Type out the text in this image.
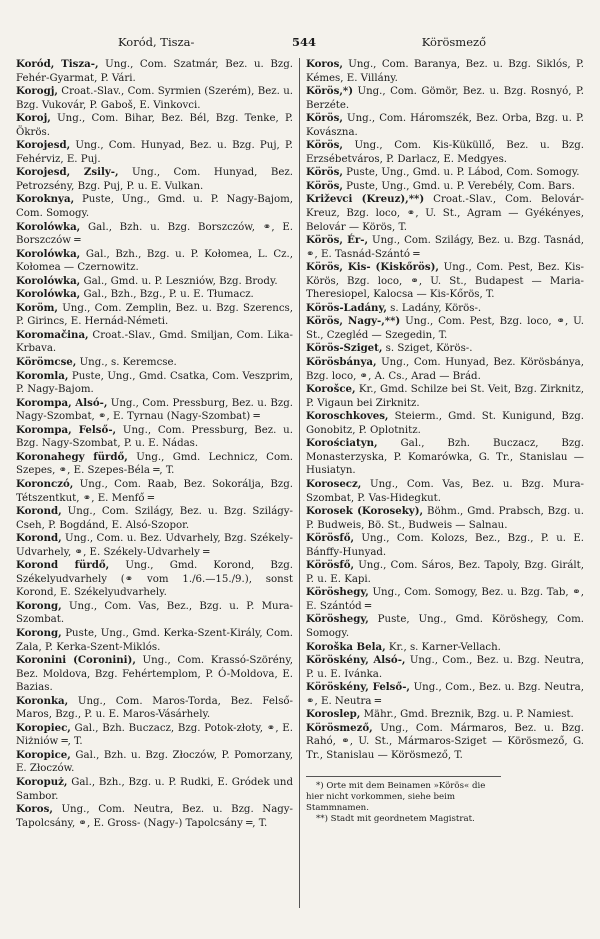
Koród, Tisza-	544	Körösmező
Koród, Tisza-, Ung., Com. Szatmár, Bez. u. Bzg. Fehér-Gyarmat, P. Vári.
Korogj, Croat.-Slav., Com. Syrmien (Szerém), Bez. u. Bzg. Vukovár, P. Gaboš, E. Vinkovci.
Koroj, Ung., Com. Bihar, Bez. Bél, Bzg. Tenke, P. Ökrös.
Korojesd, Ung., Com. Hunyad, Bez. u. Bzg. Puj, P. Fehérviz, E. Puj.
Korojesd, Zsily-, Ung., Com. Hunyad, Bez. Petrozsény, Bzg. Puj, P. u. E. Vulkan.
Koroknya, Puste, Ung., Gmd. u. P. Nagy-Bajom, Com. Somogy.
Korolówka, Gal., Bzh. u. Bzg. Borszczów, ⚭, E. Borszczów ═
Korolówka, Gal., Bzh., Bzg. u. P. Kołomea, L. Cz., Kołomea — Czernowitz.
Korolówka, Gal., Gmd. u. P. Leszniów, Bzg. Brody.
Korolówka, Gal., Bzh., Bzg., P. u. E. Tłumacz.
Koröm, Ung., Com. Zemplin, Bez. u. Bzg. Szerencs, P. Girincs, E. Hernád-Németi.
Koromačina, Croat.-Slav., Gmd. Smiljan, Com. Lika-Krbava.
Körömcse, Ung., s. Keremcse.
Koromla, Puste, Ung., Gmd. Csatka, Com. Veszprim, P. Nagy-Bajom.
Korompa, Alsó-, Ung., Com. Pressburg, Bez. u. Bzg. Nagy-Szombat, ⚭, E. Tyrnau (Nagy-Szombat) ═
Korompa, Felső-, Ung., Com. Pressburg, Bez. u. Bzg. Nagy-Szombat, P. u. E. Nádas.
Koronahegy fürdő, Ung., Gmd. Lechnicz, Com. Szepes, ⚭, E. Szepes-Béla ═, T.
Koronczó, Ung., Com. Raab, Bez. Sokorálja, Bzg. Tétszentkut, ⚭, E. Menfő ═
Korond, Ung., Com. Szilágy, Bez. u. Bzg. Szilágy-Cseh, P. Bogdánd, E. Alsó-Szopor.
Korond, Ung., Com. u. Bez. Udvarhely, Bzg. Székely-Udvarhely, ⚭, E. Székely-Udvarhely ═
Korond fürdő, Ung., Gmd. Korond, Bzg. Székelyudvarhely (⚭ vom 1./6.—15./9.), sonst Korond, E. Székelyudvarhely.
Korong, Ung., Com. Vas, Bez., Bzg. u. P. Mura-Szombat.
Korong, Puste, Ung., Gmd. Kerka-Szent-Király, Com. Zala, P. Kerka-Szent-Miklós.
Koronini (Coronini), Ung., Com. Krassó-Szörény, Bez. Moldova, Bzg. Fehértemplom, P. Ó-Moldova, E. Bazias.
Koronka, Ung., Com. Maros-Torda, Bez. Felső-Maros, Bzg., P. u. E. Maros-Vásárhely.
Koropiec, Gal., Bzh. Buczacz, Bzg. Potok-złoty, ⚭, E. Niżniów ═, T.
Koropice, Gal., Bzh. u. Bzg. Złoczów, P. Pomorzany, E. Złoczów.
Koropuż, Gal., Bzh., Bzg. u. P. Rudki, E. Gródek und Sambor.
Koros, Ung., Com. Neutra, Bez. u. Bzg. Nagy-Tapolcsány, ⚭, E. Gross- (Nagy-) Tapolcsány ═, T.
Koros, Ung., Com. Baranya, Bez. u. Bzg. Siklós, P. Kémes, E. Villány.
Körös,*) Ung., Com. Gömör, Bez. u. Bzg. Rosnyó, P. Berzéte.
Körös, Ung., Com. Háromszék, Bez. Orba, Bzg. u. P. Kovászna.
Körös, Ung., Com. Kis-Küküllő, Bez. u. Bzg. Erzsébetváros, P. Darlacz, E. Medgyes.
Körös, Puste, Ung., Gmd. u. P. Lábod, Com. Somogy.
Körös, Puste, Ung., Gmd. u. P. Verebély, Com. Bars.
Križevci (Kreuz),**) Croat.-Slav., Com. Belovár-Kreuz, Bzg. loco, ⚭, U. St., Agram — Gyékényes, Belovár — Körös, T.
Körös, Ér-, Ung., Com. Szilágy, Bez. u. Bzg. Tasnád, ⚭, E. Tasnád-Szántó ═
Körös, Kis- (Kiskőrös), Ung., Com. Pest, Bez. Kis-Körös, Bzg. loco, ⚭, U. St., Budapest — Maria-Theresiopel, Kalocsa — Kis-Kőrös, T.
Körös-Ladány, s. Ladány, Körös-.
Körös, Nagy-,**) Ung., Com. Pest, Bzg. loco, ⚭, U. St., Czegléd — Szegedin, T.
Körös-Sziget, s. Sziget, Körös-.
Körösbánya, Ung., Com. Hunyad, Bez. Körösbánya, Bzg. loco, ⚭, A. Cs., Arad — Brád.
Korošce, Kr., Gmd. Schilze bei St. Veit, Bzg. Zirknitz, P. Vigaun bei Zirknitz.
Koroschkoves, Steierm., Gmd. St. Kunigund, Bzg. Gonobitz, P. Oplotnitz.
Korościatyn, Gal., Bzh. Buczacz, Bzg. Monasterzyska, P. Komarówka, G. Tr., Stanislau — Husiatyn.
Korosecz, Ung., Com. Vas, Bez. u. Bzg. Mura-Szombat, P. Vas-Hidegkut.
Korosek (Koroseky), Böhm., Gmd. Prabsch, Bzg. u. P. Budweis, Bö. St., Budweis — Salnau.
Körösfő, Ung., Com. Kolozs, Bez., Bzg., P. u. E. Bánffy-Hunyad.
Körösfő, Ung., Com. Sáros, Bez. Tapoly, Bzg. Girált, P. u. E. Kapi.
Köröshegy, Ung., Com. Somogy, Bez. u. Bzg. Tab, ⚭, E. Szántód ═
Köröshegy, Puste, Ung., Gmd. Köröshegy, Com. Somogy.
Koroška Bela, Kr., s. Karner-Vellach.
Köröskény, Alsó-, Ung., Com., Bez. u. Bzg. Neutra, P. u. E. Ivánka.
Köröskény, Felső-, Ung., Com., Bez. u. Bzg. Neutra, ⚭, E. Neutra ═
Koroslep, Mähr., Gmd. Breznik, Bzg. u. P. Namiest.
Körösmező, Ung., Com. Mármaros, Bez. u. Bzg. Rahó, ⚭, U. St., Mármaros-Sziget — Körösmező, G. Tr., Stanislau — Körösmező, T.
*) Orte mit dem Beinamen »Körös« die hier nicht vorkommen, siehe beim Stammnamen.
**) Stadt mit geordnetem Magistrat.
